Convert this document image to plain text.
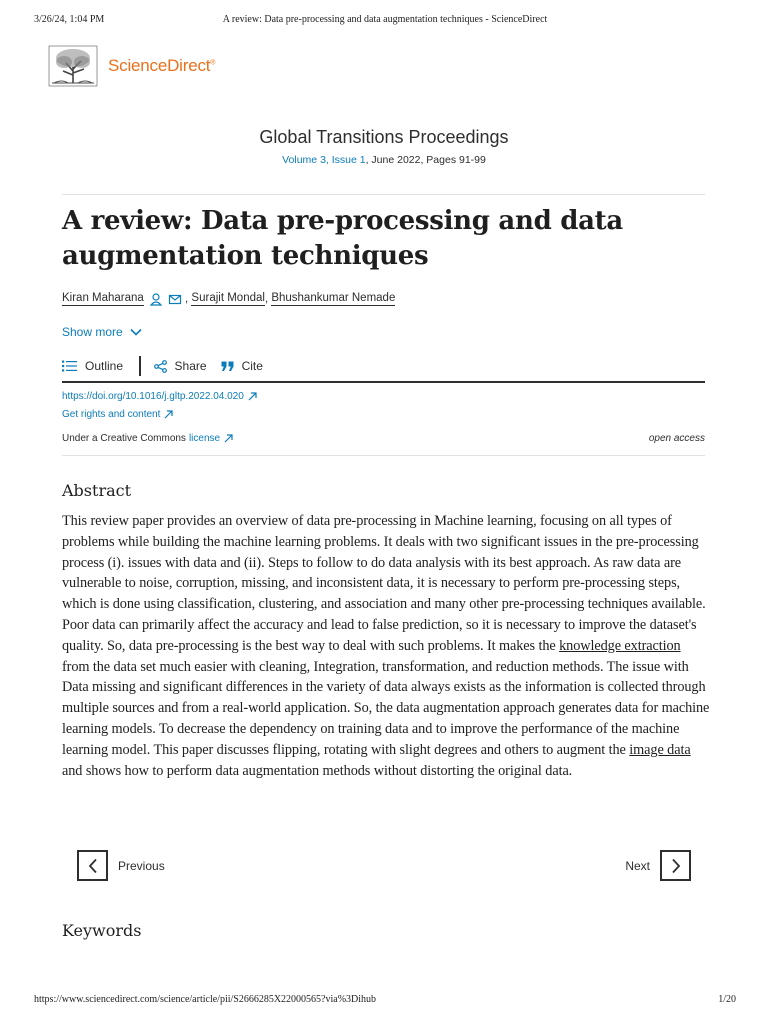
3/26/24, 1:04 PM	A review: Data pre-processing and data augmentation techniques - ScienceDirect
ScienceDirect®
Global Transitions Proceedings
Volume 3, Issue 1, June 2022, Pages 91-99
A review: Data pre-processing and data augmentation techniques
Kiran Maharana	, Surajit Mondal , Bhushankumar Nemade
Show more
Outline	Share	Cite
https://doi.org/10.1016/j.gltp.2022.04.020
Get rights and content
Under a Creative Commons license	open access
Abstract

This review paper provides an overview of data pre-processing in Machine learning, focusing on all types of problems while building the machine learning problems. It deals with two significant issues in the pre-processing process (i). issues with data and (ii). Steps to follow to do data analysis with its best approach. As raw data are vulnerable to noise, corruption, missing, and inconsistent data, it is necessary to perform pre-processing steps, which is done using classification, clustering, and association and many other pre-processing techniques available. Poor data can primarily affect the accuracy and lead to false prediction, so it is necessary to improve the dataset's quality. So, data pre-processing is the best way to deal with such problems. It makes the knowledge extraction from the data set much easier with cleaning, Integration, transformation, and reduction methods. The issue with Data missing and significant differences in the variety of data always exists as the information is collected through multiple sources and from a real-world application. So, the data augmentation approach generates data for machine learning models. To decrease the dependency on training data and to improve the performance of the machine learning model. This paper discusses flipping, rotating with slight degrees and others to augment the image data and shows how to perform data augmentation methods without distorting the original data.

Previous	Next
Keywords
https://www.sciencedirect.com/science/article/pii/S2666285X22000565?via%3Dihub	1/20
